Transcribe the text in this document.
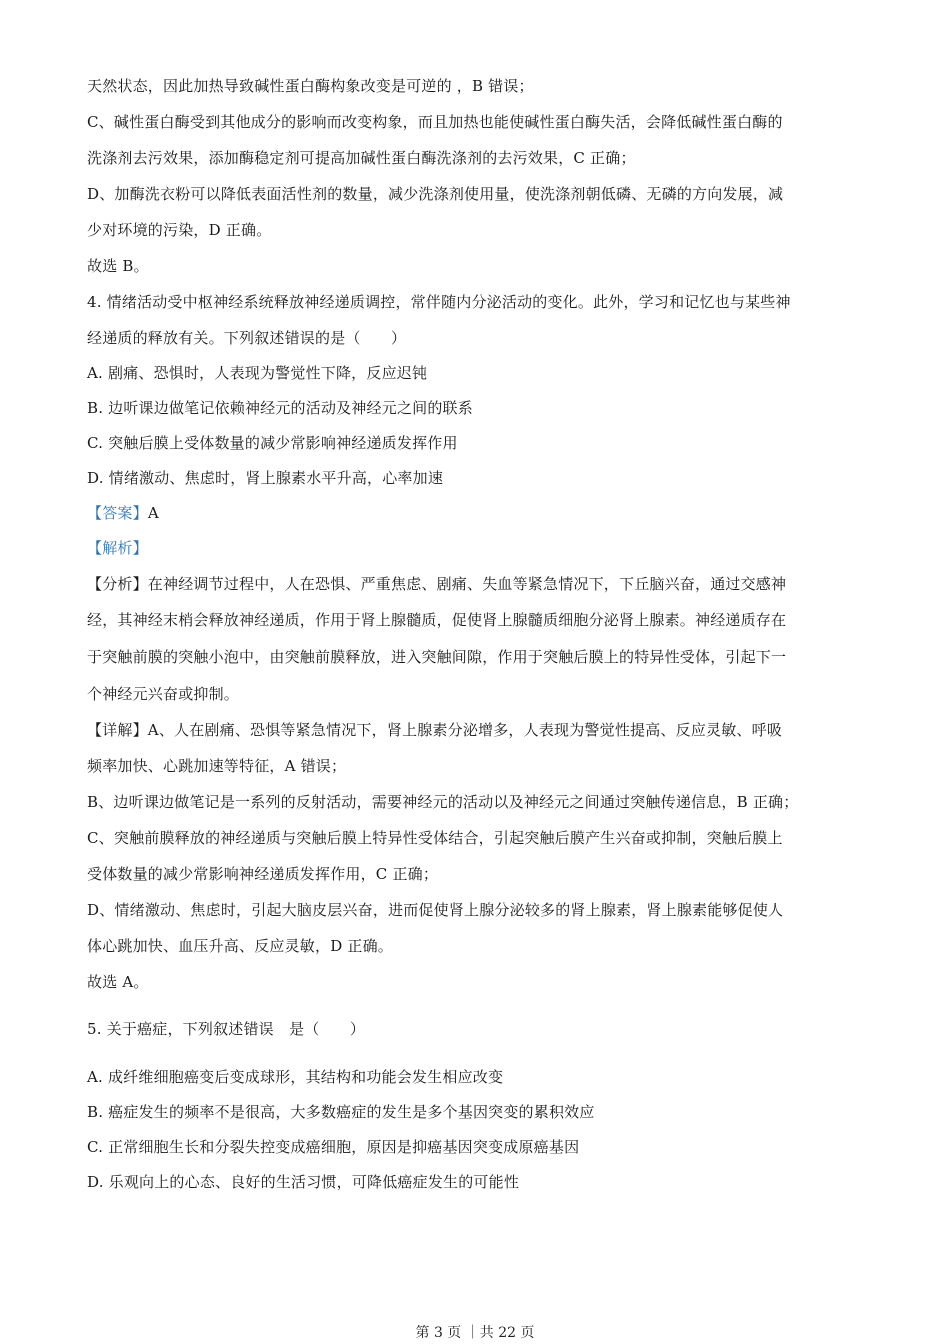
天然状态，因此加热导致碱性蛋白酶构象改变是可逆的 ，B 错误；
C、碱性蛋白酶受到其他成分的影响而改变构象，而且加热也能使碱性蛋白酶失活，会降低碱性蛋白酶的
洗涤剂去污效果，添加酶稳定剂可提高加碱性蛋白酶洗涤剂的去污效果，C 正确；
D、加酶洗衣粉可以降低表面活性剂的数量，减少洗涤剂使用量，使洗涤剂朝低磷、无磷的方向发展，减
少对环境的污染，D 正确。
故选 B。
4. 情绪活动受中枢神经系统释放神经递质调控，常伴随内分泌活动的变化。此外，学习和记忆也与某些神
经递质的释放有关。下列叙述错误的是（　　）
A. 剧痛、恐惧时，人表现为警觉性下降，反应迟钝
B. 边听课边做笔记依赖神经元的活动及神经元之间的联系
C. 突触后膜上受体数量的减少常影响神经递质发挥作用
D. 情绪激动、焦虑时，肾上腺素水平升高，心率加速
【答案】A
【解析】
【分析】在神经调节过程中，人在恐惧、严重焦虑、剧痛、失血等紧急情况下，下丘脑兴奋，通过交感神
经，其神经末梢会释放神经递质，作用于肾上腺髓质，促使肾上腺髓质细胞分泌肾上腺素。神经递质存在
于突触前膜的突触小泡中，由突触前膜释放，进入突触间隙，作用于突触后膜上的特异性受体，引起下一
个神经元兴奋或抑制。
【详解】A、人在剧痛、恐惧等紧急情况下，肾上腺素分泌增多，人表现为警觉性提高、反应灵敏、呼吸
频率加快、心跳加速等特征，A 错误；
B、边听课边做笔记是一系列的反射活动，需要神经元的活动以及神经元之间通过突触传递信息，B 正确；
C、突触前膜释放的神经递质与突触后膜上特异性受体结合，引起突触后膜产生兴奋或抑制，突触后膜上
受体数量的减少常影响神经递质发挥作用，C 正确；
D、情绪激动、焦虑时，引起大脑皮层兴奋，进而促使肾上腺分泌较多的肾上腺素，肾上腺素能够促使人
体心跳加快、血压升高、反应灵敏，D 正确。
故选 A。
5. 关于癌症，下列叙述错误　是（　　）
A. 成纤维细胞癌变后变成球形，其结构和功能会发生相应改变
B. 癌症发生的频率不是很高，大多数癌症的发生是多个基因突变的累积效应
C. 正常细胞生长和分裂失控变成癌细胞，原因是抑癌基因突变成原癌基因
D. 乐观向上的心态、良好的生活习惯，可降低癌症发生的可能性
第 3 页 ｜共 22 页
